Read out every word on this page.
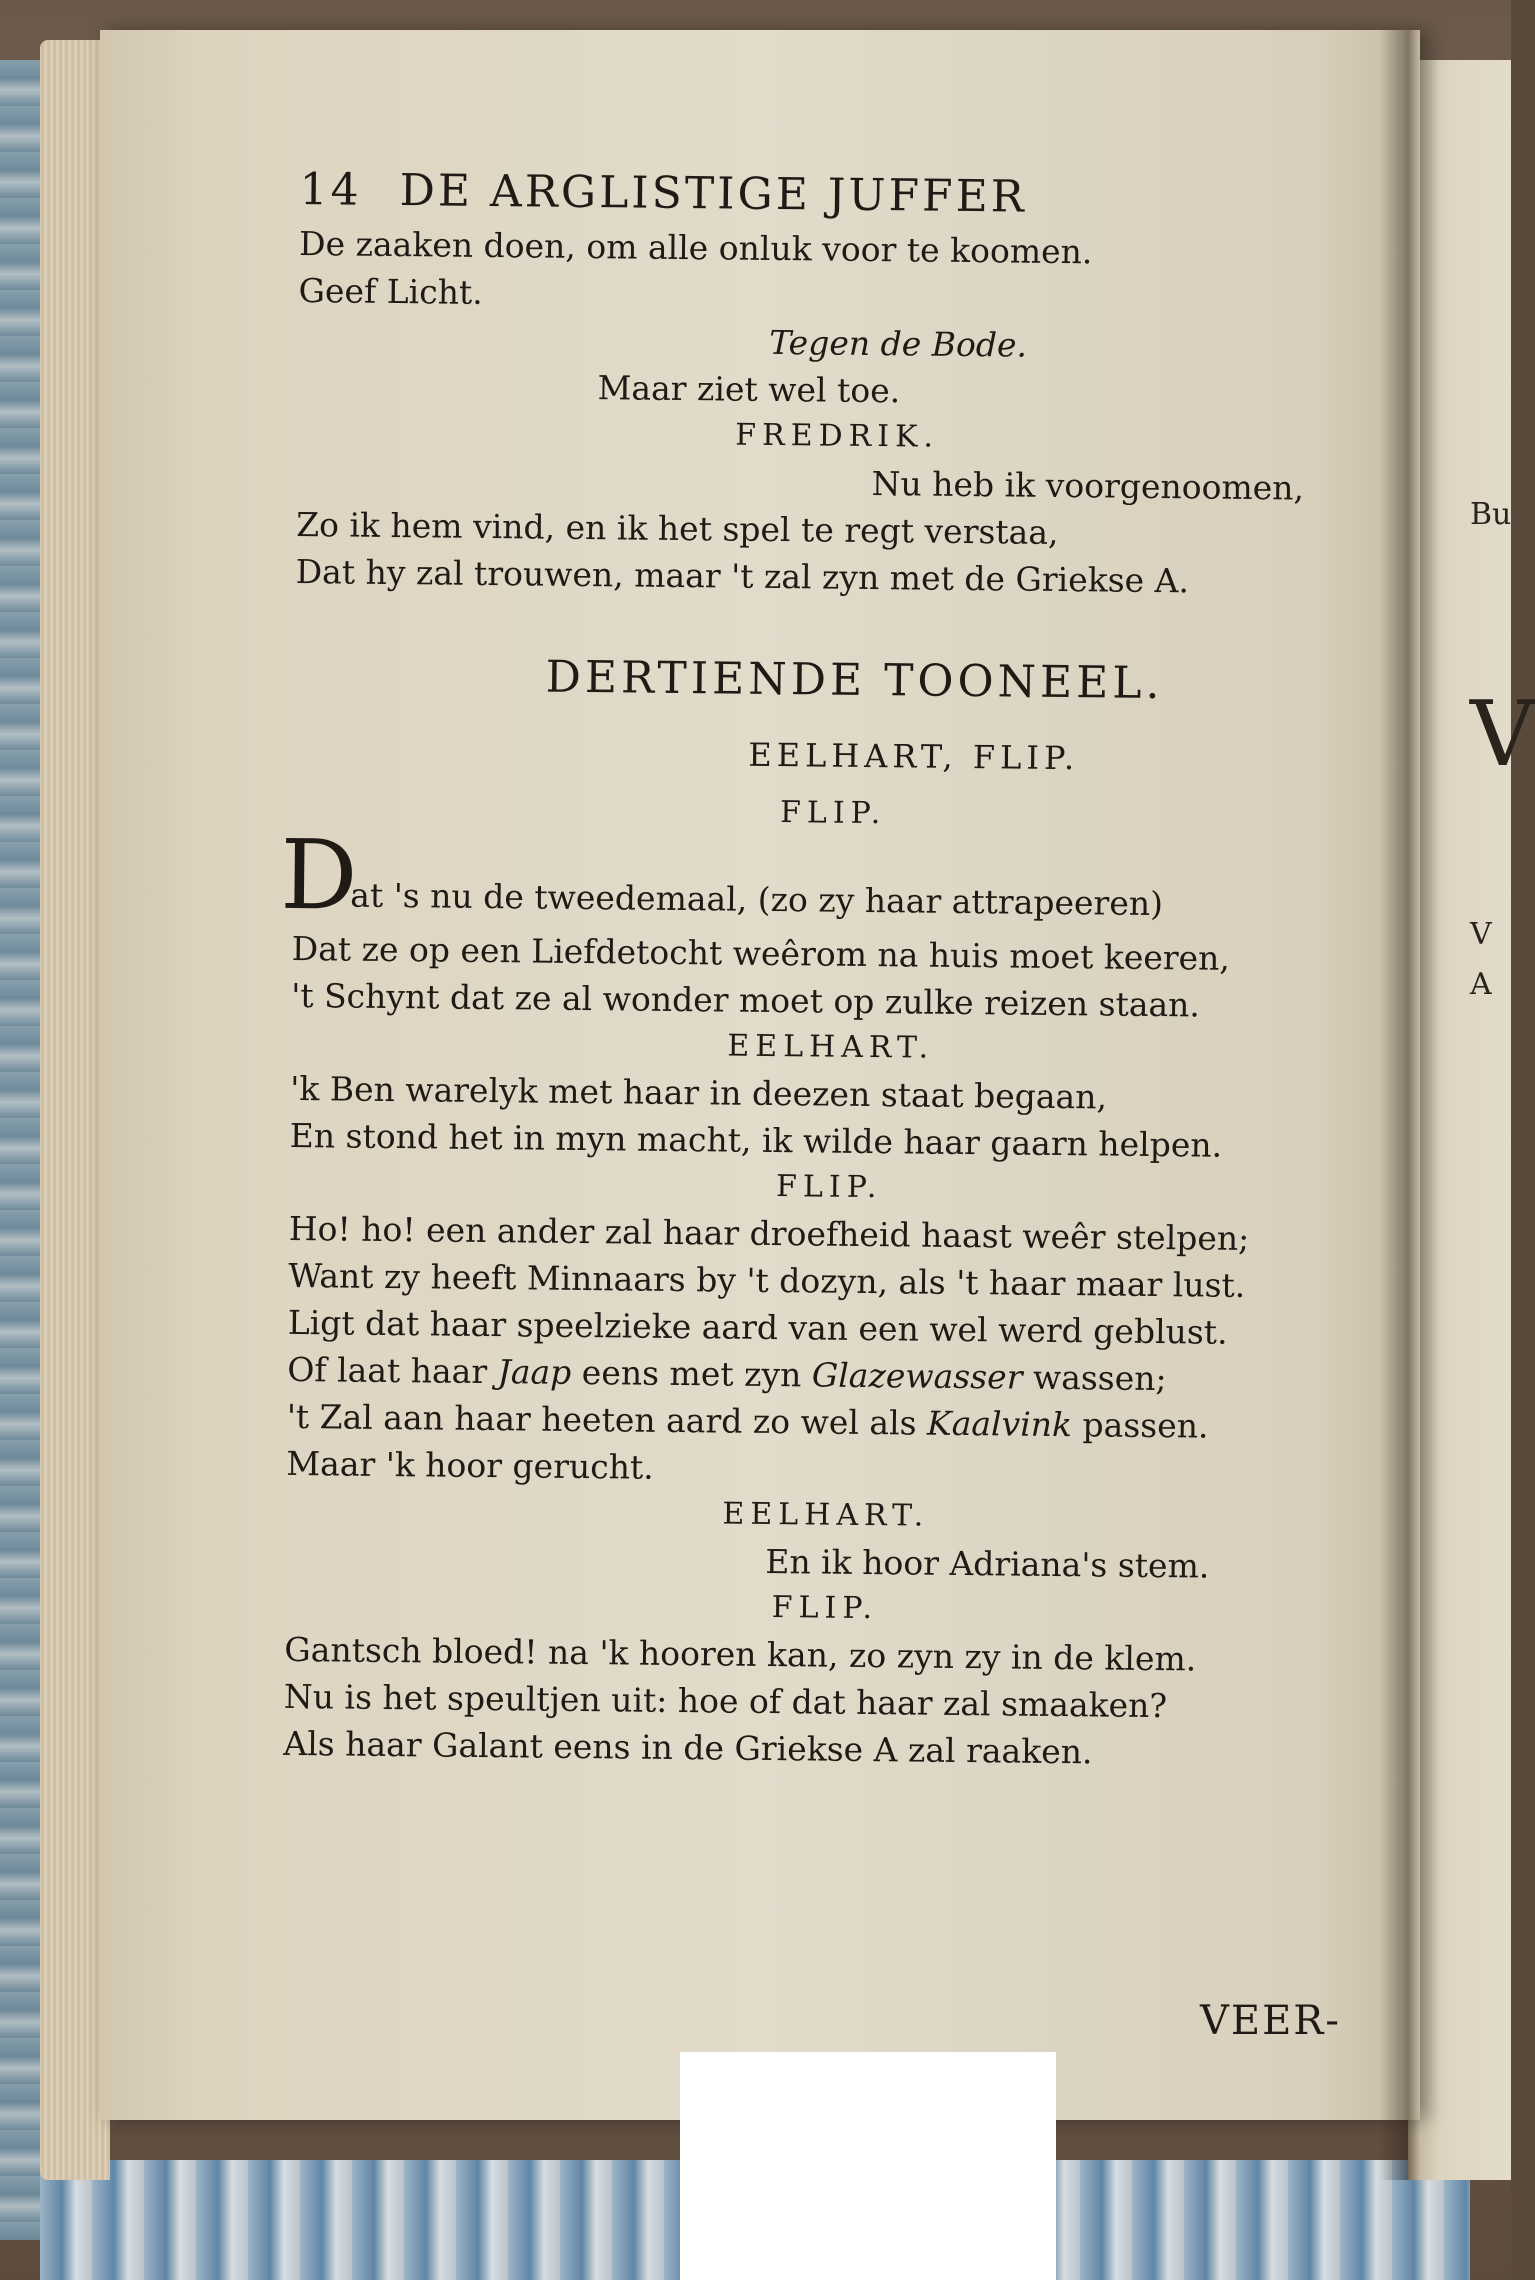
Bu
V
V
A
14 DE ARGLISTIGE JUFFER
De zaaken doen, om alle onluk voor te koomen.
Geef Licht.
Tegen de Bode.
Maar ziet wel toe.
FREDRIK.
Nu heb ik voorgenoomen,
Zo ik hem vind, en ik het spel te regt verstaa,
Dat hy zal trouwen, maar 't zal zyn met de Griekse A.
DERTIENDE TOONEEL.
EELHART, FLIP.
FLIP.
D
at 's nu de tweedemaal, (zo zy haar attrapeeren)
Dat ze op een Liefdetocht weêrom na huis moet keeren,
't Schynt dat ze al wonder moet op zulke reizen staan.
EELHART.
'k Ben warelyk met haar in deezen staat begaan,
En stond het in myn macht, ik wilde haar gaarn helpen.
FLIP.
Ho! ho! een ander zal haar droefheid haast weêr stelpen;
Want zy heeft Minnaars by 't dozyn, als 't haar maar lust.
Ligt dat haar speelzieke aard van een wel werd geblust.
Of laat haar Jaap eens met zyn Glazewasser wassen;
't Zal aan haar heeten aard zo wel als Kaalvink passen.
Maar 'k hoor gerucht.
EELHART.
En ik hoor Adriana's stem.
FLIP.
Gantsch bloed! na 'k hooren kan, zo zyn zy in de klem.
Nu is het speultjen uit: hoe of dat haar zal smaaken?
Als haar Galant eens in de Griekse A zal raaken.
VEER-
